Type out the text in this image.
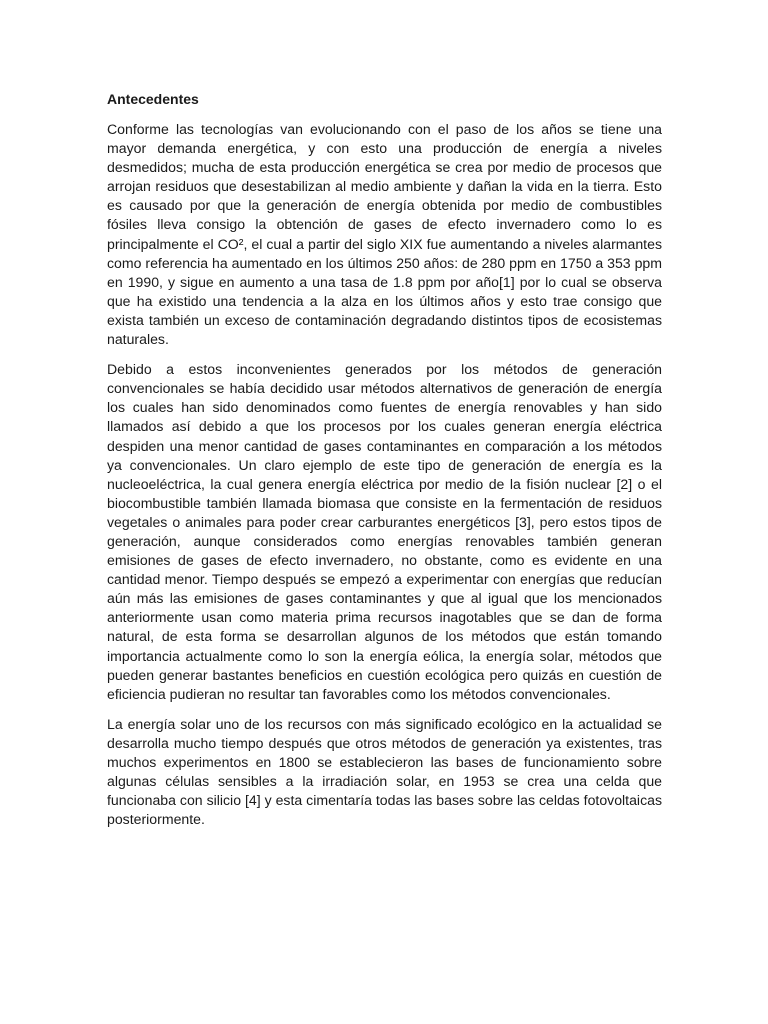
Antecedentes

Conforme las tecnologías van evolucionando con el paso de los años se tiene una mayor demanda energética, y con esto una producción de energía a niveles desmedidos; mucha de esta producción energética se crea por medio de procesos que arrojan residuos que desestabilizan al medio ambiente y dañan la vida en la tierra. Esto es causado por que la generación de energía obtenida por medio de combustibles fósiles lleva consigo la obtención de gases de efecto invernadero como lo es principalmente el CO², el cual a partir del siglo XIX fue aumentando a niveles alarmantes como referencia ha aumentado en los últimos 250 años: de 280 ppm en 1750 a 353 ppm en 1990, y sigue en aumento a una tasa de 1.8 ppm por año[1] por lo cual se observa que ha existido una tendencia a la alza en los últimos años y esto trae consigo que exista también un exceso de contaminación degradando distintos tipos de ecosistemas naturales.

Debido a estos inconvenientes generados por los métodos de generación convencionales se había decidido usar métodos alternativos de generación de energía los cuales han sido denominados como fuentes de energía renovables y han sido llamados así debido a que los procesos por los cuales generan energía eléctrica despiden una menor cantidad de gases contaminantes en comparación a los métodos ya convencionales. Un claro ejemplo de este tipo de generación de energía es la nucleoeléctrica, la cual genera energía eléctrica por medio de la fisión nuclear [2] o el biocombustible también llamada biomasa que consiste en la fermentación de residuos vegetales o animales para poder crear carburantes energéticos [3], pero estos tipos de generación, aunque considerados como energías renovables también generan emisiones de gases de efecto invernadero, no obstante, como es evidente en una cantidad menor. Tiempo después se empezó a experimentar con energías que reducían aún más las emisiones de gases contaminantes y que al igual que los mencionados anteriormente usan como materia prima recursos inagotables que se dan de forma natural, de esta forma se desarrollan algunos de los métodos que están tomando importancia actualmente como lo son la energía eólica, la energía solar, métodos que pueden generar bastantes beneficios en cuestión ecológica pero quizás en cuestión de eficiencia pudieran no resultar tan favorables como los métodos convencionales.

La energía solar uno de los recursos con más significado ecológico en la actualidad se desarrolla mucho tiempo después que otros métodos de generación ya existentes, tras muchos experimentos en 1800 se establecieron las bases de funcionamiento sobre algunas células sensibles a la irradiación solar, en 1953 se crea una celda que funcionaba con silicio [4] y esta cimentaría todas las bases sobre las celdas fotovoltaicas posteriormente.
